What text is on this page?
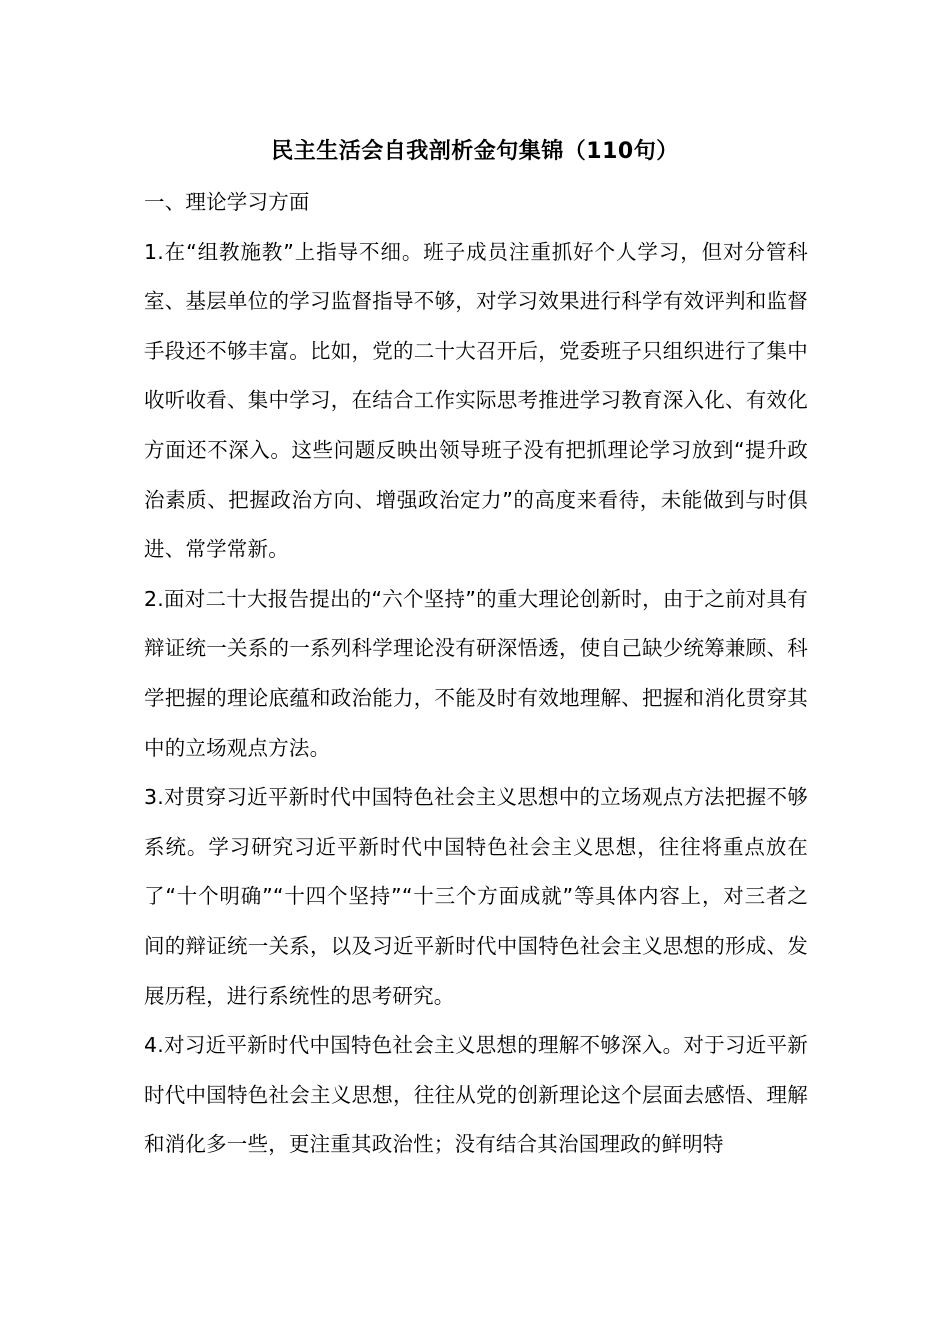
民主生活会自我剖析金句集锦（110句）

一、理论学习方面

1.在“组教施教”上指导不细。班子成员注重抓好个人学习，但对分管科室、基层单位的学习监督指导不够，对学习效果进行科学有效评判和监督手段还不够丰富。比如，党的二十大召开后，党委班子只组织进行了集中收听收看、集中学习，在结合工作实际思考推进学习教育深入化、有效化方面还不深入。这些问题反映出领导班子没有把抓理论学习放到“提升政治素质、把握政治方向、增强政治定力”的高度来看待，未能做到与时俱进、常学常新。

2.面对二十大报告提出的“六个坚持”的重大理论创新时，由于之前对具有辩证统一关系的一系列科学理论没有研深悟透，使自己缺少统筹兼顾、科学把握的理论底蕴和政治能力，不能及时有效地理解、把握和消化贯穿其中的立场观点方法。

3.对贯穿习近平新时代中国特色社会主义思想中的立场观点方法把握不够系统。学习研究习近平新时代中国特色社会主义思想，往往将重点放在了“十个明确”“十四个坚持”“十三个方面成就”等具体内容上，对三者之间的辩证统一关系，以及习近平新时代中国特色社会主义思想的形成、发展历程，进行系统性的思考研究。

4.对习近平新时代中国特色社会主义思想的理解不够深入。对于习近平新时代中国特色社会主义思想，往往从党的创新理论这个层面去感悟、理解和消化多一些，更注重其政治性；没有结合其治国理政的鲜明特
